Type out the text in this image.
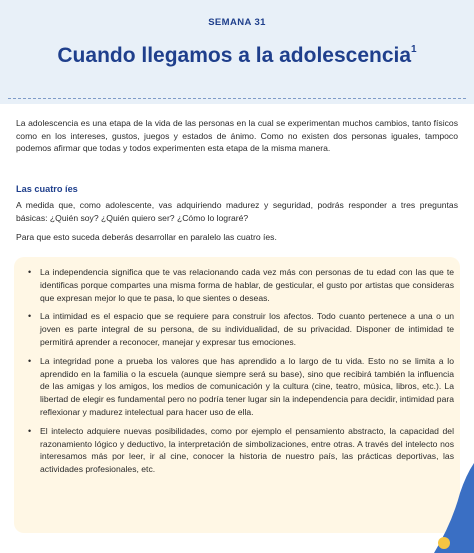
SEMANA 31
Cuando llegamos a la adolescencia$^1$

La adolescencia es una etapa de la vida de las personas en la cual se experimentan muchos cambios, tanto físicos como en los intereses, gustos, juegos y estados de ánimo. Como no existen dos personas iguales, tampoco podemos afirmar que todas y todos experimenten esta etapa de la misma manera.

Las cuatro íes

A medida que, como adolescente, vas adquiriendo madurez y seguridad, podrás responder a tres preguntas básicas: ¿Quién soy? ¿Quién quiero ser? ¿Cómo lo lograré?

Para que esto suceda deberás desarrollar en paralelo las cuatro íes.

• La independencia significa que te vas relacionando cada vez más con personas de tu edad con las que te identificas porque compartes una misma forma de hablar, de gesticular, el gusto por artistas que consideras que expresan mejor lo que te pasa, lo que sientes o deseas.
• La intimidad es el espacio que se requiere para construir los afectos. Todo cuanto pertenece a una o un joven es parte integral de su persona, de su individualidad, de su privacidad. Disponer de intimidad te permitirá aprender a reconocer, manejar y expresar tus emociones.
• La integridad pone a prueba los valores que has aprendido a lo largo de tu vida. Esto no se limita a lo aprendido en la familia o la escuela (aunque siempre será su base), sino que recibirá también la influencia de las amigas y los amigos, los medios de comunicación y la cultura (cine, teatro, música, libros, etc.). La libertad de elegir es fundamental pero no podría tener lugar sin la independencia para decidir, intimidad para reflexionar y madurez intelectual para hacer uso de ella.
• El intelecto adquiere nuevas posibilidades, como por ejemplo el pensamiento abstracto, la capacidad del razonamiento lógico y deductivo, la interpretación de simbolizaciones, entre otras. A través del intelecto nos interesamos más por leer, ir al cine, conocer la historia de nuestro país, las prácticas deportivas, las actividades profesionales, etc.
